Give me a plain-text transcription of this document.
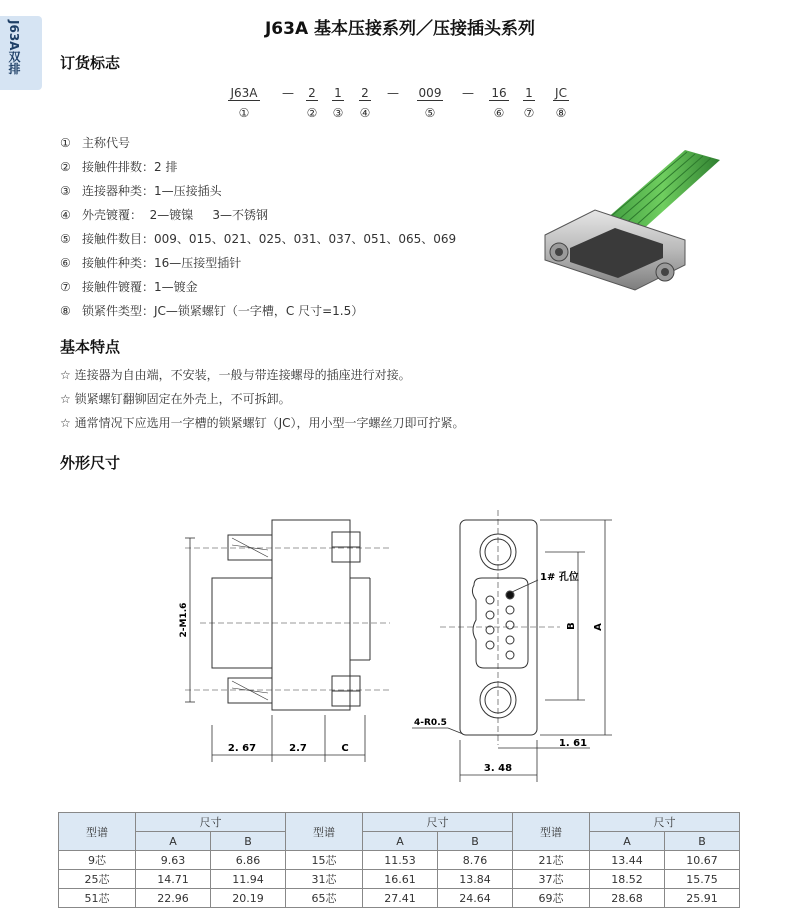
J63A双排	J63A 基本压接系列／压接插头系列
订货标志
J63A	—	2	1	2	—	009	—	16	1	JC
①	②	③	④	⑤	⑥	⑦	⑧
① 主称代号
② 接触件排数：2 排
③ 连接器种类：1—压接插头
④ 外壳镀覆：  2—镀镍     3—不锈钢
⑤ 接触件数目：009、015、021、025、031、037、051、065、069
⑥ 接触件种类：16—压接型插针
⑦ 接触件镀覆：1—镀金
⑧ 锁紧件类型：JC—锁紧螺钉（一字槽，C 尺寸=1.5）
基本特点
☆ 连接器为自由端，不安装，一般与带连接螺母的插座进行对接。
☆ 锁紧螺钉翻铆固定在外壳上，不可拆卸。
☆ 通常情况下应选用一字槽的锁紧螺钉（JC），用小型一字螺丝刀即可拧紧。
外形尺寸
2-M1.6
2. 67	2.7	C
1# 孔位
B A
4-R0.5
1. 61
3. 48
型谱	尺寸		型谱	尺寸		型谱	尺寸	
	A	B		A	B		A	B
9芯	9.63	6.86	15芯	11.53	8.76	21芯	13.44	10.67
25芯	14.71	11.94	31芯	16.61	13.84	37芯	18.52	15.75
51芯	22.96	20.19	65芯	27.41	24.64	69芯	28.68	25.91
